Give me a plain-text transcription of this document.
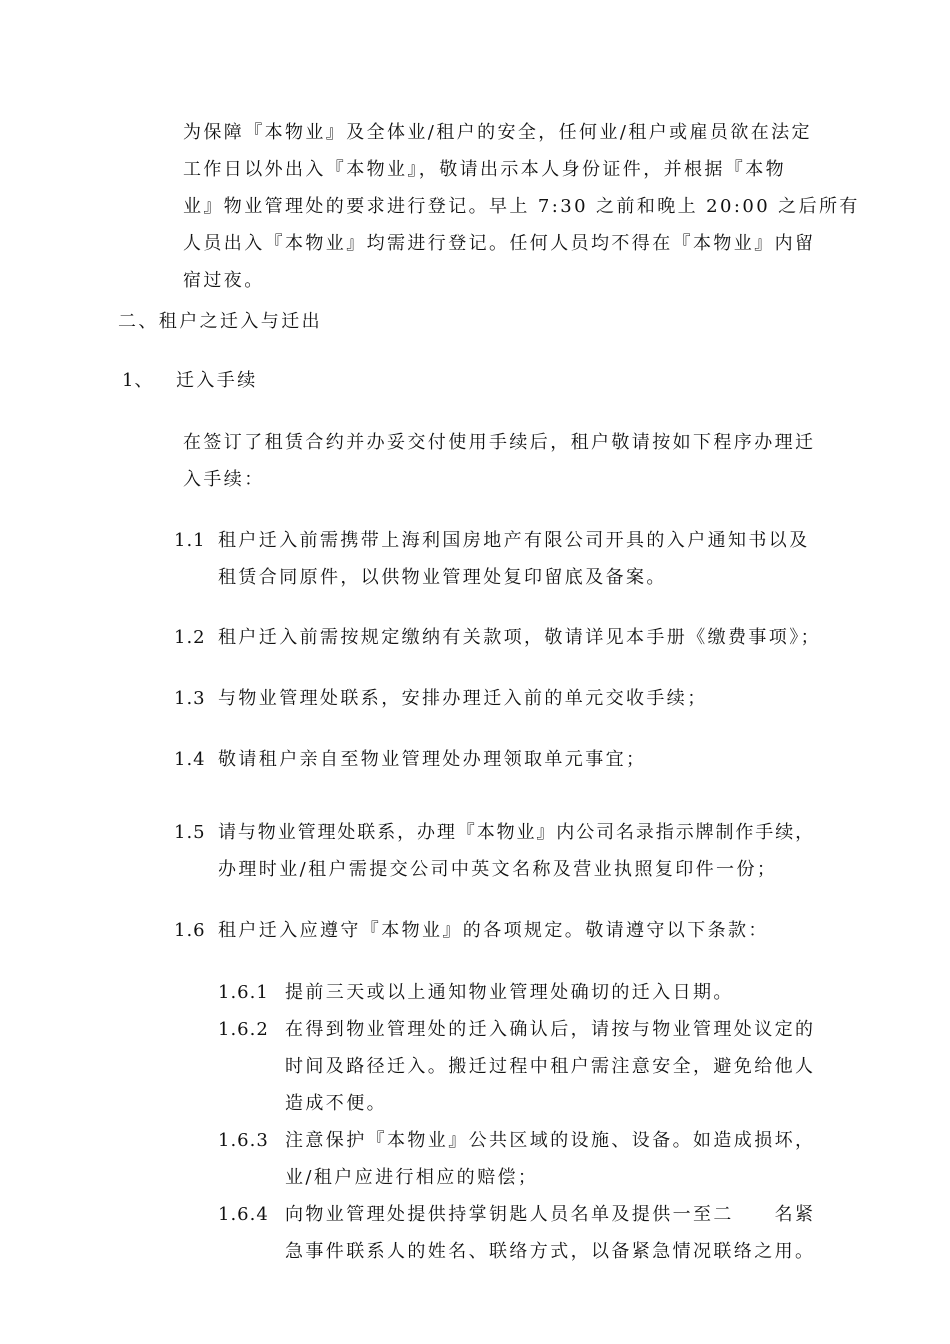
为保障『本物业』及全体业/租户的安全，任何业/租户或雇员欲在法定
工作日以外出入『本物业』，敬请出示本人身份证件，并根据『本物
业』物业管理处的要求进行登记。早上 7:30 之前和晚上 20:00 之后所有
人员出入『本物业』均需进行登记。任何人员均不得在『本物业』内留
宿过夜。
二、租户之迁入与迁出
1、 迁入手续
在签订了租赁合约并办妥交付使用手续后，租户敬请按如下程序办理迁
入手续：
1.1 租户迁入前需携带上海利国房地产有限公司开具的入户通知书以及
租赁合同原件，以供物业管理处复印留底及备案。
1.2 租户迁入前需按规定缴纳有关款项，敬请详见本手册《缴费事项》；
1.3 与物业管理处联系，安排办理迁入前的单元交收手续；
1.4 敬请租户亲自至物业管理处办理领取单元事宜；
1.5 请与物业管理处联系，办理『本物业』内公司名录指示牌制作手续，
办理时业/租户需提交公司中英文名称及营业执照复印件一份；
1.6 租户迁入应遵守『本物业』的各项规定。敬请遵守以下条款：
1.6.1 提前三天或以上通知物业管理处确切的迁入日期。
1.6.2 在得到物业管理处的迁入确认后，请按与物业管理处议定的
时间及路径迁入。搬迁过程中租户需注意安全，避免给他人
造成不便。
1.6.3 注意保护『本物业』公共区域的设施、设备。如造成损坏，
业/租户应进行相应的赔偿；
1.6.4 向物业管理处提供持掌钥匙人员名单及提供一至二　　名紧
急事件联系人的姓名、联络方式，以备紧急情况联络之用。
